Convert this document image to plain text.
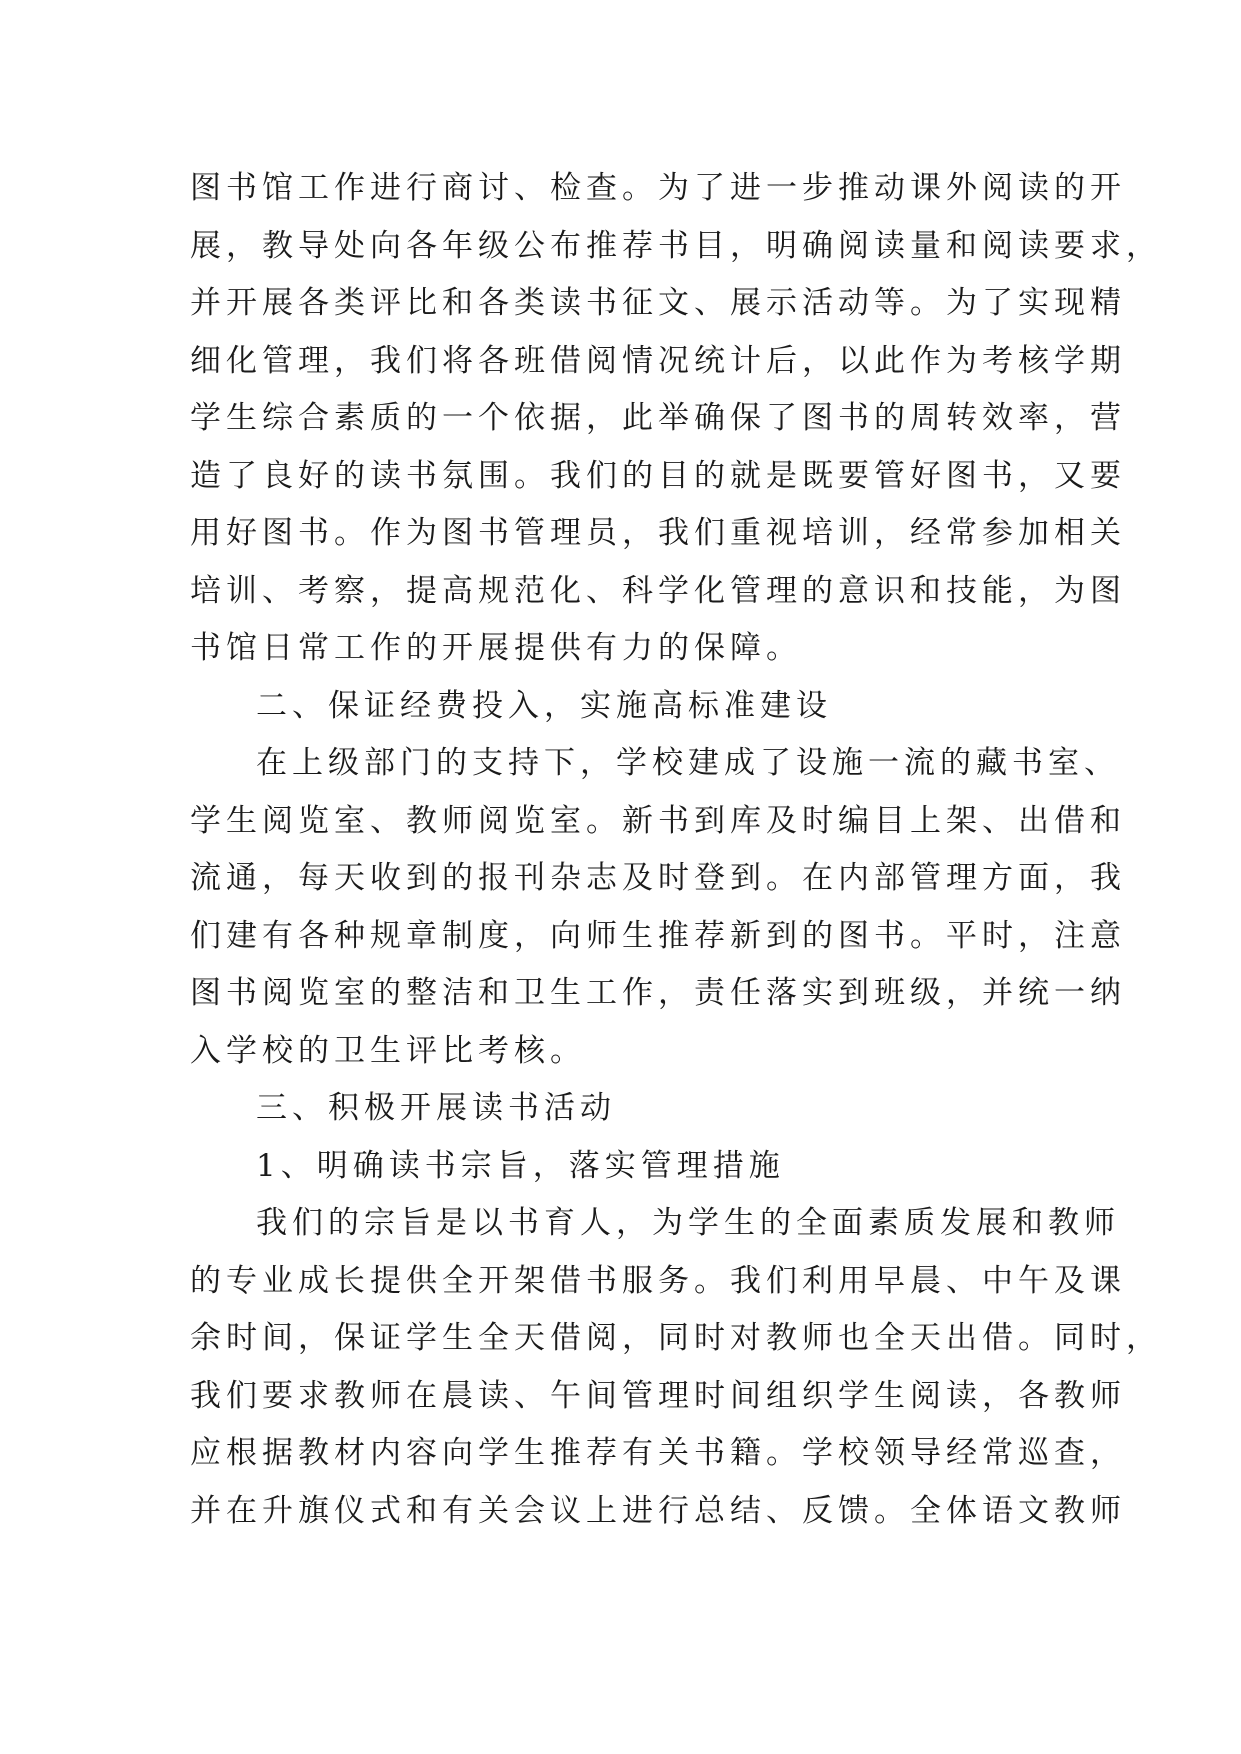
图书馆工作进行商讨、检查。为了进一步推动课外阅读的开
展，教导处向各年级公布推荐书目，明确阅读量和阅读要求，
并开展各类评比和各类读书征文、展示活动等。为了实现精
细化管理，我们将各班借阅情况统计后，以此作为考核学期
学生综合素质的一个依据，此举确保了图书的周转效率，营
造了良好的读书氛围。我们的目的就是既要管好图书，又要
用好图书。作为图书管理员，我们重视培训，经常参加相关
培训、考察，提高规范化、科学化管理的意识和技能，为图
书馆日常工作的开展提供有力的保障。
二、保证经费投入，实施高标准建设
在上级部门的支持下，学校建成了设施一流的藏书室、
学生阅览室、教师阅览室。新书到库及时编目上架、出借和
流通，每天收到的报刊杂志及时登到。在内部管理方面，我
们建有各种规章制度，向师生推荐新到的图书。平时，注意
图书阅览室的整洁和卫生工作，责任落实到班级，并统一纳
入学校的卫生评比考核。
三、积极开展读书活动
1、明确读书宗旨，落实管理措施
我们的宗旨是以书育人，为学生的全面素质发展和教师
的专业成长提供全开架借书服务。我们利用早晨、中午及课
余时间，保证学生全天借阅，同时对教师也全天出借。同时，
我们要求教师在晨读、午间管理时间组织学生阅读，各教师
应根据教材内容向学生推荐有关书籍。学校领导经常巡查，
并在升旗仪式和有关会议上进行总结、反馈。全体语文教师
